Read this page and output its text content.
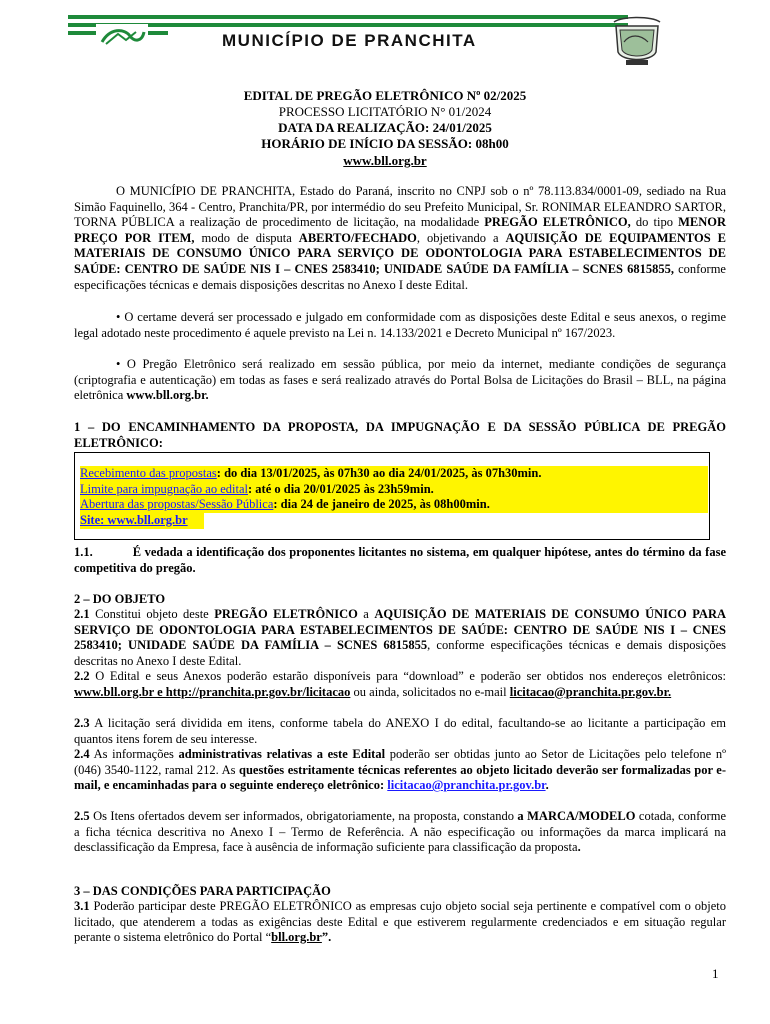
MUNICÍPIO DE PRANCHITA
EDITAL DE PREGÃO ELETRÔNICO Nº 02/2025
PROCESSO LICITATÓRIO N° 01/2024
DATA DA REALIZAÇÃO: 24/01/2025
HORÁRIO DE INÍCIO DA SESSÃO: 08h00
www.bll.org.br
O MUNICÍPIO DE PRANCHITA, Estado do Paraná, inscrito no CNPJ sob o nº 78.113.834/0001-09, sediado na Rua Simão Faquinello, 364 - Centro, Pranchita/PR, por intermédio do seu Prefeito Municipal, Sr. RONIMAR ELEANDRO SARTOR, TORNA PÚBLICA a realização de procedimento de licitação, na modalidade PREGÃO ELETRÔNICO, do tipo MENOR PREÇO POR ITEM, modo de disputa ABERTO/FECHADO, objetivando a AQUISIÇÃO DE EQUIPAMENTOS E MATERIAIS DE CONSUMO ÚNICO PARA SERVIÇO DE ODONTOLOGIA PARA ESTABELECIMENTOS DE SAÚDE: CENTRO DE SAÚDE NIS I – CNES 2583410; UNIDADE SAÚDE DA FAMÍLIA – SCNES 6815855, conforme especificações técnicas e demais disposições descritas no Anexo I deste Edital.
• O certame deverá ser processado e julgado em conformidade com as disposições deste Edital e seus anexos, o regime legal adotado neste procedimento é aquele previsto na Lei n. 14.133/2021 e Decreto Municipal nº 167/2023.
• O Pregão Eletrônico será realizado em sessão pública, por meio da internet, mediante condições de segurança (criptografia e autenticação) em todas as fases e será realizado através do Portal Bolsa de Licitações do Brasil – BLL, na página eletrônica www.bll.org.br.
1 – DO ENCAMINHAMENTO DA PROPOSTA, DA IMPUGNAÇÃO E DA SESSÃO PÚBLICA DE PREGÃO ELETRÔNICO:
Recebimento das propostas: do dia 13/01/2025, às 07h30 ao dia 24/01/2025, às 07h30min.
Limite para impugnação ao edital: até o dia 20/01/2025 às 23h59min.
Abertura das propostas/Sessão Pública: dia 24 de janeiro de 2025, às 08h00min.
Site: www.bll.org.br
1.1.	É vedada a identificação dos proponentes licitantes no sistema, em qualquer hipótese, antes do término da fase competitiva do pregão.
2 – DO OBJETO
2.1 Constitui objeto deste PREGÃO ELETRÔNICO a AQUISIÇÃO DE MATERIAIS DE CONSUMO ÚNICO PARA SERVIÇO DE ODONTOLOGIA PARA ESTABELECIMENTOS DE SAÚDE: CENTRO DE SAÚDE NIS I – CNES 2583410; UNIDADE SAÚDE DA FAMÍLIA – SCNES 6815855, conforme especificações técnicas e demais disposições descritas no Anexo I deste Edital.
2.2 O Edital e seus Anexos poderão estarão disponíveis para “download” e poderão ser obtidos nos endereços eletrônicos: www.bll.org.br e http://pranchita.pr.gov.br/licitacao ou ainda, solicitados no e-mail licitacao@pranchita.pr.gov.br.
2.3 A licitação será dividida em itens, conforme tabela do ANEXO I do edital, facultando-se ao licitante a participação em quantos itens forem de seu interesse.
2.4 As informações administrativas relativas a este Edital poderão ser obtidas junto ao Setor de Licitações pelo telefone nº (046) 3540-1122, ramal 212. As questões estritamente técnicas referentes ao objeto licitado deverão ser formalizadas por e-mail, e encaminhadas para o seguinte endereço eletrônico: licitacao@pranchita.pr.gov.br.
2.5 Os Itens ofertados devem ser informados, obrigatoriamente, na proposta, constando a MARCA/MODELO cotada, conforme a ficha técnica descritiva no Anexo I – Termo de Referência. A não especificação ou informações da marca implicará na desclassificação da Empresa, face à ausência de informação suficiente para classificação da proposta.
3 – DAS CONDIÇÕES PARA PARTICIPAÇÃO
3.1 Poderão participar deste PREGÃO ELETRÔNICO as empresas cujo objeto social seja pertinente e compatível com o objeto licitado, que atenderem a todas as exigências deste Edital e que estiverem regularmente credenciados e em situação regular perante o sistema eletrônico do Portal “bll.org.br”.
1
